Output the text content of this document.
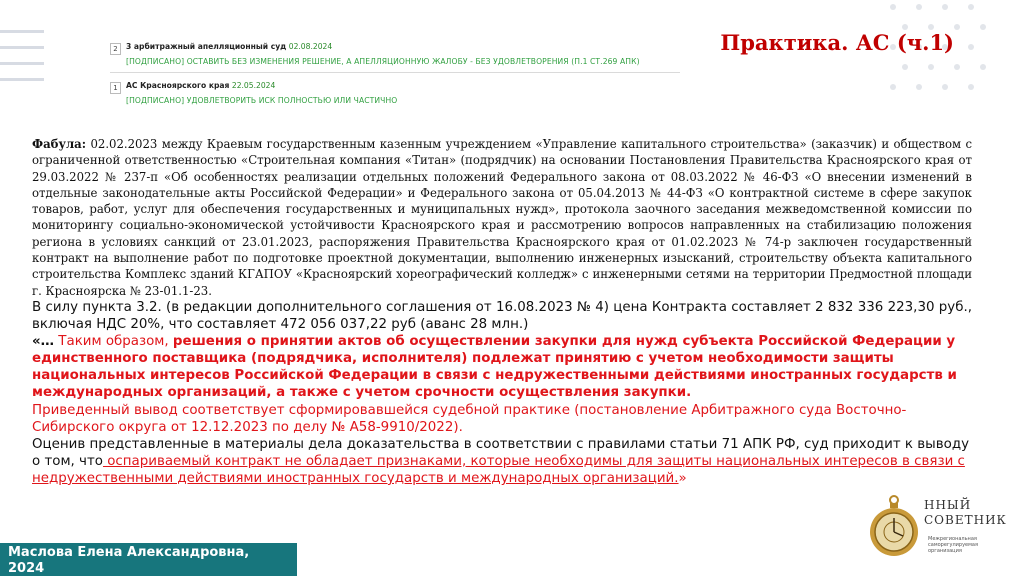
Практика. АС (ч.1)
2	3 арбитражный апелляционный суд 02.08.2024
[ПОДПИСАНО] ОСТАВИТЬ БЕЗ ИЗМЕНЕНИЯ РЕШЕНИЕ, А АПЕЛЛЯЦИОННУЮ ЖАЛОБУ - БЕЗ УДОВЛЕТВОРЕНИЯ (П.1 СТ.269 АПК)
1	АС Красноярского края 22.05.2024
[ПОДПИСАНО] УДОВЛЕТВОРИТЬ ИСК ПОЛНОСТЬЮ ИЛИ ЧАСТИЧНО
Фабула: 02.02.2023 между Краевым государственным казенным учреждением «Управление капитального строительства» (заказчик) и обществом с ограниченной ответственностью «Строительная компания «Титан» (подрядчик) на основании Постановления Правительства Красноярского края от 29.03.2022 № 237-п «Об особенностях реализации отдельных положений Федерального закона от 08.03.2022 № 46-ФЗ «О внесении изменений в отдельные законодательные акты Российской Федерации» и Федерального закона от 05.04.2013 № 44-ФЗ «О контрактной системе в сфере закупок товаров, работ, услуг для обеспечения государственных и муниципальных нужд», протокола заочного заседания межведомственной комиссии по мониторингу социально-экономической устойчивости Красноярского края и рассмотрению вопросов направленных на стабилизацию положения региона в условиях санкций от 23.01.2023, распоряжения Правительства Красноярского края от 01.02.2023 № 74-р заключен государственный контракт на выполнение работ по подготовке проектной документации, выполнению инженерных изысканий, строительству объекта капитального строительства Комплекс зданий КГАПОУ «Красноярский хореографический колледж» с инженерными сетями на территории Предмостной площади г. Красноярска № 23-01.1-23.
В силу пункта 3.2. (в редакции дополнительного соглашения от 16.08.2023 № 4) цена Контракта составляет 2 832 336 223,30 руб., включая НДС 20%, что составляет 472 056 037,22 руб (аванс 28 млн.)
«… Таким образом, решения о принятии актов об осуществлении закупки для нужд субъекта Российской Федерации у единственного поставщика (подрядчика, исполнителя) подлежат принятию с учетом необходимости защиты национальных интересов Российской Федерации в связи с недружественными действиями иностранных государств и международных организаций, а также с учетом срочности осуществления закупки.
Приведенный вывод соответствует сформировавшейся судебной практике (постановление Арбитражного суда Восточно-Сибирского округа от 12.12.2023 по делу № А58-9910/2022).
Оценив представленные в материалы дела доказательства в соответствии с правилами статьи 71 АПК РФ, суд приходит к выводу о том, что оспариваемый контракт не обладает признаками, которые необходимы для защиты национальных интересов в связи с недружественными действиями иностранных государств и международных организаций.»
Маслова Елена Александровна,
2024
ННЫЙ
СОВЕТНИК
Межрегиональная саморегулируемая организация
